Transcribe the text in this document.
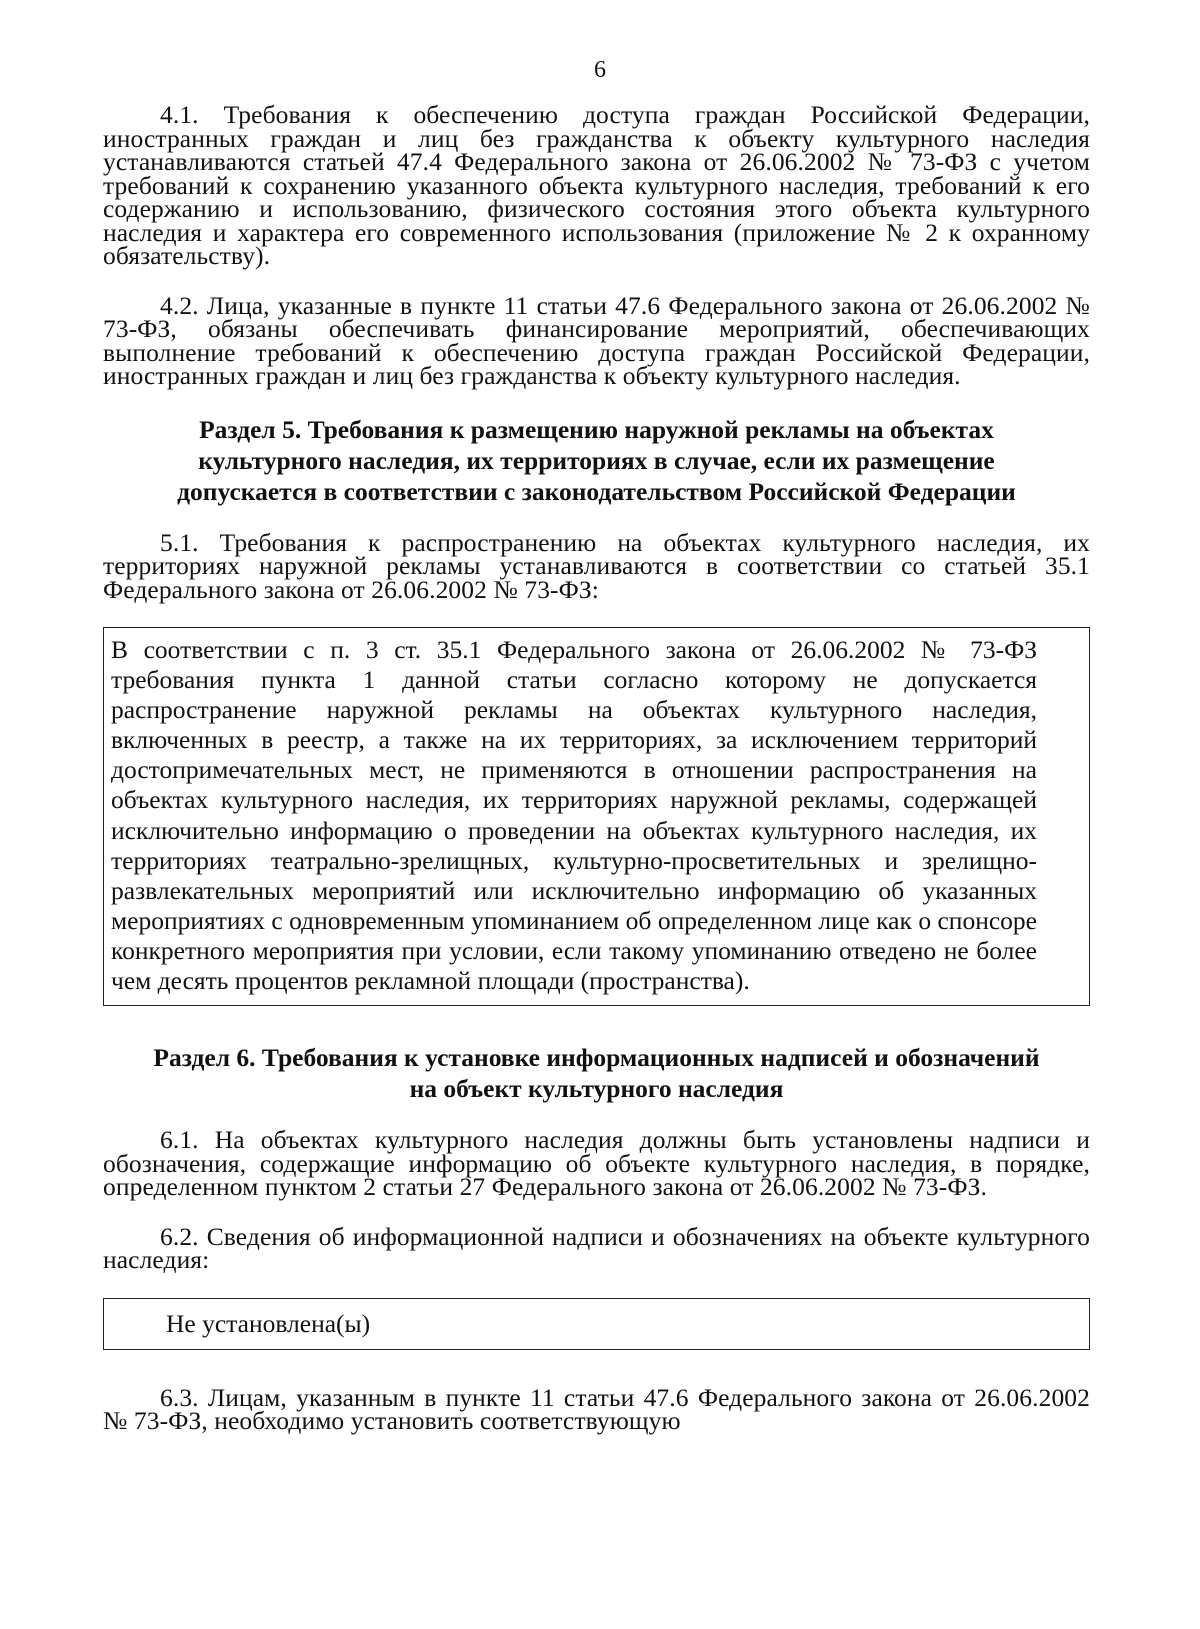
6

4.1. Требования к обеспечению доступа граждан Российской Федерации, иностранных граждан и лиц без гражданства к объекту культурного наследия устанавливаются статьей 47.4 Федерального закона от 26.06.2002 № 73-ФЗ с учетом требований к сохранению указанного объекта культурного наследия, требований к его содержанию и использованию, физического состояния этого объекта культурного наследия и характера его современного использования (приложение № 2 к охранному обязательству).

4.2. Лица, указанные в пункте 11 статьи 47.6 Федерального закона от 26.06.2002 № 73-ФЗ, обязаны обеспечивать финансирование мероприятий, обеспечивающих выполнение требований к обеспечению доступа граждан Российской Федерации, иностранных граждан и лиц без гражданства к объекту культурного наследия.

Раздел 5. Требования к размещению наружной рекламы на объектах
культурного наследия, их территориях в случае, если их размещение
допускается в соответствии с законодательством Российской Федерации

5.1. Требования к распространению на объектах культурного наследия, их территориях наружной рекламы устанавливаются в соответствии со статьей 35.1 Федерального закона от 26.06.2002 № 73-ФЗ:

В соответствии с п. 3 ст. 35.1 Федерального закона от 26.06.2002 № 73-ФЗ требования пункта 1 данной статьи согласно которому не допускается распространение наружной рекламы на объектах культурного наследия, включенных в реестр, а также на их территориях, за исключением территорий достопримечательных мест, не применяются в отношении распространения на объектах культурного наследия, их территориях наружной рекламы, содержащей исключительно информацию о проведении на объектах культурного наследия, их территориях театрально-зрелищных, культурно-просветительных и зрелищно-развлекательных мероприятий или исключительно информацию об указанных мероприятиях с одновременным упоминанием об определенном лице как о спонсоре конкретного мероприятия при условии, если такому упоминанию отведено не более чем десять процентов рекламной площади (пространства).

Раздел 6. Требования к установке информационных надписей и обозначений
на объект культурного наследия

6.1. На объектах культурного наследия должны быть установлены надписи и обозначения, содержащие информацию об объекте культурного наследия, в порядке, определенном пунктом 2 статьи 27 Федерального закона от 26.06.2002 № 73-ФЗ.

6.2. Сведения об информационной надписи и обозначениях на объекте культурного наследия:

Не установлена(ы)

6.3. Лицам, указанным в пункте 11 статьи 47.6 Федерального закона от 26.06.2002 № 73-ФЗ, необходимо установить соответствующую
